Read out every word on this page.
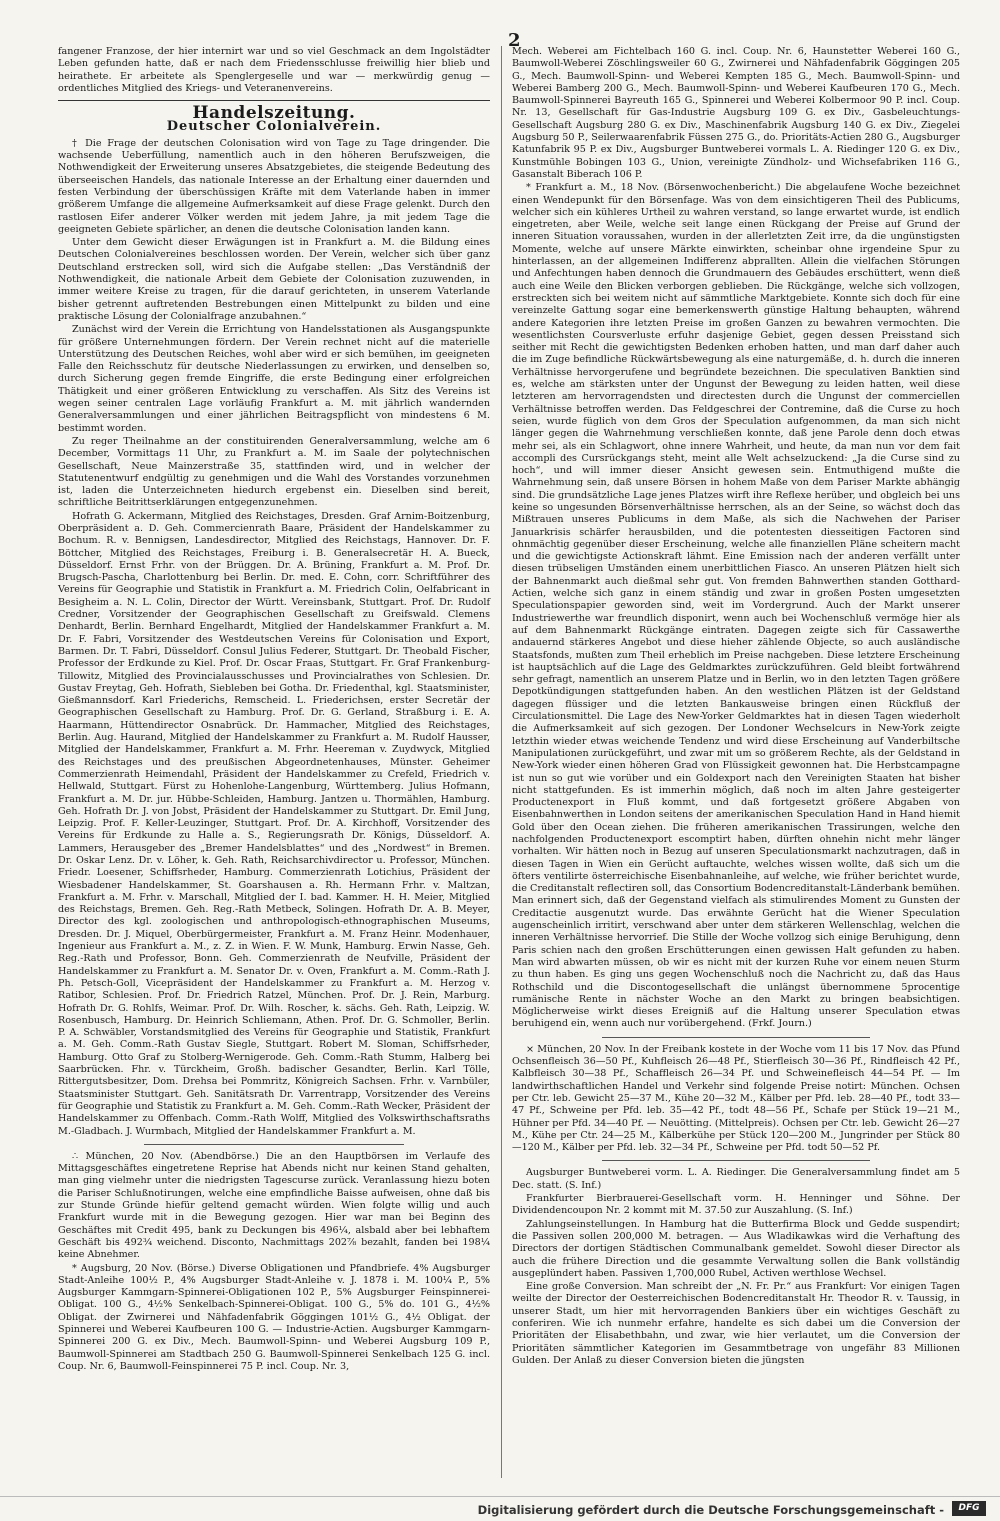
2

fangener Franzose, der hier internirt war und so viel Geschmack an dem Ingolstädter Leben gefunden hatte, daß er nach dem Friedensschlusse freiwillig hier blieb und heirathete. Er arbeitete als Spenglergeselle und war — merkwürdig genug — ordentliches Mitglied des Kriegs- und Veteranenvereins.

Handelszeitung.
Deutscher Colonialverein.

† Die Frage der deutschen Colonisation wird von Tage zu Tage dringender. Die wachsende Ueberfüllung, namentlich auch in den höheren Berufszweigen, die Nothwendigkeit der Erweiterung unseres Absatzgebietes, die steigende Bedeutung des überseeischen Handels, das nationale Interesse an der Erhaltung einer dauernden und festen Verbindung der überschüssigen Kräfte mit dem Vaterlande haben in immer größerem Umfange die allgemeine Aufmerksamkeit auf diese Frage gelenkt. Durch den rastlosen Eifer anderer Völker werden mit jedem Jahre, ja mit jedem Tage die geeigneten Gebiete spärlicher, an denen die deutsche Colonisation landen kann.

Unter dem Gewicht dieser Erwägungen ist in Frankfurt a. M. die Bildung eines Deutschen Colonialvereines beschlossen worden. Der Verein, welcher sich über ganz Deutschland erstrecken soll, wird sich die Aufgabe stellen: „Das Verständniß der Nothwendigkeit, die nationale Arbeit dem Gebiete der Colonisation zuzuwenden, in immer weitere Kreise zu tragen, für die darauf gerichteten, in unserem Vaterlande bisher getrennt auftretenden Bestrebungen einen Mittelpunkt zu bilden und eine praktische Lösung der Colonialfrage anzubahnen.“

Zunächst wird der Verein die Errichtung von Handelsstationen als Ausgangspunkte für größere Unternehmungen fördern. Der Verein rechnet nicht auf die materielle Unterstützung des Deutschen Reiches, wohl aber wird er sich bemühen, im geeigneten Falle den Reichsschutz für deutsche Niederlassungen zu erwirken, und denselben so, durch Sicherung gegen fremde Eingriffe, die erste Bedingung einer erfolgreichen Thätigkeit und einer größeren Entwicklung zu verschaffen. Als Sitz des Vereins ist wegen seiner centralen Lage vorläufig Frankfurt a. M. mit jährlich wandernden Generalversammlungen und einer jährlichen Beitragspflicht von mindestens 6 M. bestimmt worden.

Zu reger Theilnahme an der constituirenden Generalversammlung, welche am 6 December, Vormittags 11 Uhr, zu Frankfurt a. M. im Saale der polytechnischen Gesellschaft, Neue Mainzerstraße 35, stattfinden wird, und in welcher der Statutenentwurf endgültig zu genehmigen und die Wahl des Vorstandes vorzunehmen ist, laden die Unterzeichneten hiedurch ergebenst ein. Dieselben sind bereit, schriftliche Beitrittserklärungen entgegenzunehmen.

Hofrath G. Ackermann, Mitglied des Reichstages, Dresden. Graf Arnim-Boitzenburg, Oberpräsident a. D. Geh. Commercienrath Baare, Präsident der Handelskammer zu Bochum. R. v. Bennigsen, Landesdirector, Mitglied des Reichstags, Hannover. Dr. F. Böttcher, Mitglied des Reichstages, Freiburg i. B. Generalsecretär H. A. Bueck, Düsseldorf. Ernst Frhr. von der Brüggen. Dr. A. Brüning, Frankfurt a. M. Prof. Dr. Brugsch-Pascha, Charlottenburg bei Berlin. Dr. med. E. Cohn, corr. Schriftführer des Vereins für Geographie und Statistik in Frankfurt a. M. Friedrich Colin, Oelfabricant in Besigheim a. N. L. Colin, Director der Württ. Vereinsbank, Stuttgart. Prof. Dr. Rudolf Credner, Vorsitzender der Geographischen Gesellschaft zu Greifswald. Clemens Denhardt, Berlin. Bernhard Engelhardt, Mitglied der Handelskammer Frankfurt a. M. Dr. F. Fabri, Vorsitzender des Westdeutschen Vereins für Colonisation und Export, Barmen. Dr. T. Fabri, Düsseldorf. Consul Julius Federer, Stuttgart. Dr. Theobald Fischer, Professor der Erdkunde zu Kiel. Prof. Dr. Oscar Fraas, Stuttgart. Fr. Graf Frankenburg-Tillowitz, Mitglied des Provincialausschusses und Provincialrathes von Schlesien. Dr. Gustav Freytag, Geh. Hofrath, Siebleben bei Gotha. Dr. Friedenthal, kgl. Staatsminister, Gießmannsdorf. Karl Friederichs, Remscheid. L. Friederichsen, erster Secretär der Geographischen Gesellschaft zu Hamburg. Prof. Dr. G. Gerland, Straßburg i. E. A. Haarmann, Hüttendirector Osnabrück. Dr. Hammacher, Mitglied des Reichstages, Berlin. Aug. Haurand, Mitglied der Handelskammer zu Frankfurt a. M. Rudolf Hausser, Mitglied der Handelskammer, Frankfurt a. M. Frhr. Heereman v. Zuydwyck, Mitglied des Reichstages und des preußischen Abgeordnetenhauses, Münster. Geheimer Commerzienrath Heimendahl, Präsident der Handelskammer zu Crefeld, Friedrich v. Hellwald, Stuttgart. Fürst zu Hohenlohe-Langenburg, Württemberg. Julius Hofmann, Frankfurt a. M. Dr. jur. Hübbe-Schleiden, Hamburg. Jantzen u. Thormählen, Hamburg. Geh. Hofrath Dr. J. von Jobst, Präsident der Handelskammer zu Stuttgart. Dr. Emil Jung, Leipzig. Prof. F. Keller-Leuzinger, Stuttgart. Prof. Dr. A. Kirchhoff, Vorsitzender des Vereins für Erdkunde zu Halle a. S., Regierungsrath Dr. Königs, Düsseldorf. A. Lammers, Herausgeber des „Bremer Handelsblattes“ und des „Nordwest“ in Bremen. Dr. Oskar Lenz. Dr. v. Löher, k. Geh. Rath, Reichsarchivdirector u. Professor, München. Friedr. Loesener, Schiffsrheder, Hamburg. Commerzienrath Lotichius, Präsident der Wiesbadener Handelskammer, St. Goarshausen a. Rh. Hermann Frhr. v. Maltzan, Frankfurt a. M. Frhr. v. Marschall, Mitglied der I. bad. Kammer. H. H. Meier, Mitglied des Reichstags, Bremen. Geh. Reg.-Rath Metbeck, Solingen. Hofrath Dr. A. B. Meyer, Director des kgl. zoologischen und anthropologisch-ethnographischen Museums, Dresden. Dr. J. Miquel, Oberbürgermeister, Frankfurt a. M. Franz Heinr. Modenhauer, Ingenieur aus Frankfurt a. M., z. Z. in Wien. F. W. Munk, Hamburg. Erwin Nasse, Geh. Reg.-Rath und Professor, Bonn. Geh. Commerzienrath de Neufville, Präsident der Handelskammer zu Frankfurt a. M. Senator Dr. v. Oven, Frankfurt a. M. Comm.-Rath J. Ph. Petsch-Goll, Vicepräsident der Handelskammer zu Frankfurt a. M. Herzog v. Ratibor, Schlesien. Prof. Dr. Friedrich Ratzel, München. Prof. Dr. J. Rein, Marburg. Hofrath Dr. G. Rohlfs, Weimar. Prof. Dr. Wilh. Roscher, k. sächs. Geh. Rath, Leipzig. W. Rosenbusch, Hamburg. Dr. Heinrich Schliemann, Athen. Prof. Dr. G. Schmoller, Berlin. P. A. Schwäbler, Vorstandsmitglied des Vereins für Geographie und Statistik, Frankfurt a. M. Geh. Comm.-Rath Gustav Siegle, Stuttgart. Robert M. Sloman, Schiffsrheder, Hamburg. Otto Graf zu Stolberg-Wernigerode. Geh. Comm.-Rath Stumm, Halberg bei Saarbrücken. Fhr. v. Türckheim, Großh. badischer Gesandter, Berlin. Karl Tölle, Rittergutsbesitzer, Dom. Drehsa bei Pommritz, Königreich Sachsen. Frhr. v. Varnbüler, Staatsminister Stuttgart. Geh. Sanitätsrath Dr. Varrentrapp, Vorsitzender des Vereins für Geographie und Statistik zu Frankfurt a. M. Geh. Comm.-Rath Wecker, Präsident der Handelskammer zu Offenbach. Comm.-Rath Wolff, Mitglied des Volkswirthschaftsraths M.-Gladbach. J. Wurmbach, Mitglied der Handelskammer Frankfurt a. M.

∴ München, 20 Nov. (Abendbörse.) Die an den Hauptbörsen im Verlaufe des Mittagsgeschäftes eingetretene Reprise hat Abends nicht nur keinen Stand gehalten, man ging vielmehr unter die niedrigsten Tagescurse zurück. Veranlassung hiezu boten die Pariser Schlußnotirungen, welche eine empfindliche Baisse aufweisen, ohne daß bis zur Stunde Gründe hiefür geltend gemacht würden. Wien folgte willig und auch Frankfurt wurde mit in die Bewegung gezogen. Hier war man bei Beginn des Geschäftes mit Credit 495, bank zu Deckungen bis 496¼, alsbald aber bei lebhaftem Geschäft bis 492¾ weichend. Disconto, Nachmittags 202⅞ bezahlt, fanden bei 198¼ keine Abnehmer.

* Augsburg, 20 Nov. (Börse.) Diverse Obligationen und Pfandbriefe. 4% Augsburger Stadt-Anleihe 100½ P., 4% Augsburger Stadt-Anleihe v. J. 1878 i. M. 100¼ P., 5% Augsburger Kammgarn-Spinnerei-Obligationen 102 P., 5% Augsburger Feinspinnerei-Obligat. 100 G., 4½% Senkelbach-Spinnerei-Obligat. 100 G., 5% do. 101 G., 4½% Obligat. der Zwirnerei und Nähfadenfabrik Göggingen 101½ G., 4½ Obligat. der Spinnerei und Weberei Kaufbeuren 100 G. — Industrie-Actien. Augsburger Kammgarn-Spinnerei 200 G. ex Div., Mech. Baumwoll-Spinn- und Weberei Augsburg 109 P., Baumwoll-Spinnerei am Stadtbach 250 G. Baumwoll-Spinnerei Senkelbach 125 G. incl. Coup. Nr. 6, Baumwoll-Feinspinnerei 75 P. incl. Coup. Nr. 3,

Mech. Weberei am Fichtelbach 160 G. incl. Coup. Nr. 6, Haunstetter Weberei 160 G., Baumwoll-Weberei Zöschlingsweiler 60 G., Zwirnerei und Nähfadenfabrik Göggingen 205 G., Mech. Baumwoll-Spinn- und Weberei Kempten 185 G., Mech. Baumwoll-Spinn- und Weberei Bamberg 200 G., Mech. Baumwoll-Spinn- und Weberei Kaufbeuren 170 G., Mech. Baumwoll-Spinnerei Bayreuth 165 G., Spinnerei und Weberei Kolbermoor 90 P. incl. Coup. Nr. 13, Gesellschaft für Gas-Industrie Augsburg 109 G. ex Div., Gasbeleuchtungs-Gesellschaft Augsburg 280 G. ex Div., Maschinenfabrik Augsburg 140 G. ex Div., Ziegelei Augsburg 50 P., Seilerwaarenfabrik Füssen 275 G., do. Prioritäts-Actien 280 G., Augsburger Katunfabrik 95 P. ex Div., Augsburger Buntweberei vormals L. A. Riedinger 120 G. ex Div., Kunstmühle Bobingen 103 G., Union, vereinigte Zündholz- und Wichsefabriken 116 G., Gasanstalt Biberach 106 P.

* Frankfurt a. M., 18 Nov. (Börsenwochenbericht.) Die abgelaufene Woche bezeichnet einen Wendepunkt für den Börsenfage. Was von dem einsichtigeren Theil des Publicums, welcher sich ein kühleres Urtheil zu wahren verstand, so lange erwartet wurde, ist endlich eingetreten, aber Weile, welche seit lange einen Rückgang der Preise auf Grund der inneren Situation voraussahen, wurden in der allerletzten Zeit irre, da die ungünstigsten Momente, welche auf unsere Märkte einwirkten, scheinbar ohne irgendeine Spur zu hinterlassen, an der allgemeinen Indifferenz abprallten. Allein die vielfachen Störungen und Anfechtungen haben dennoch die Grundmauern des Gebäudes erschüttert, wenn dieß auch eine Weile den Blicken verborgen geblieben. Die Rückgänge, welche sich vollzogen, erstreckten sich bei weitem nicht auf sämmtliche Marktgebiete. Konnte sich doch für eine vereinzelte Gattung sogar eine bemerkenswerth günstige Haltung behaupten, während andere Kategorien ihre letzten Preise im großen Ganzen zu bewahren vermochten. Die wesentlichsten Coursverluste erfuhr dasjenige Gebiet, gegen dessen Preisstand sich seither mit Recht die gewichtigsten Bedenken erhoben hatten, und man darf daher auch die im Zuge befindliche Rückwärtsbewegung als eine naturgemäße, d. h. durch die inneren Verhältnisse hervorgerufene und begründete bezeichnen. Die speculativen Banktien sind es, welche am stärksten unter der Ungunst der Bewegung zu leiden hatten, weil diese letzteren am hervorragendsten und directesten durch die Ungunst der commerciellen Verhältnisse betroffen werden. Das Feldgeschrei der Contremine, daß die Curse zu hoch seien, wurde füglich von dem Gros der Speculation aufgenommen, da man sich nicht länger gegen die Wahrnehmung verschließen konnte, daß jene Parole denn doch etwas mehr sei, als ein Schlagwort, ohne innere Wahrheit, und heute, da man nun vor dem fait accompli des Cursrückgangs steht, meint alle Welt achselzuckend: „Ja die Curse sind zu hoch“, und will immer dieser Ansicht gewesen sein. Entmuthigend mußte die Wahrnehmung sein, daß unsere Börsen in hohem Maße von dem Pariser Markte abhängig sind. Die grundsätzliche Lage jenes Platzes wirft ihre Reflexe herüber, und obgleich bei uns keine so ungesunden Börsenverhältnisse herrschen, als an der Seine, so wächst doch das Mißtrauen unseres Publicums in dem Maße, als sich die Nachwehen der Pariser Januarkrisis schärfer herausbilden, und die potentesten diesseitigen Factoren sind ohnmächtig gegenüber dieser Erscheinung, welche alle finanziellen Pläne scheitern macht und die gewichtigste Actionskraft lähmt. Eine Emission nach der anderen verfällt unter diesen trübseligen Umständen einem unerbittlichen Fiasco. An unseren Plätzen hielt sich der Bahnenmarkt auch dießmal sehr gut. Von fremden Bahnwerthen standen Gotthard-Actien, welche sich ganz in einem ständig und zwar in großen Posten umgesetzten Speculationspapier geworden sind, weit im Vordergrund. Auch der Markt unserer Industriewerthe war freundlich disponirt, wenn auch bei Wochenschluß vermöge hier als auf dem Bahnenmarkt Rückgänge eintraten. Dagegen zeigte sich für Cassawerthe andauernd stärkeres Angebot und diese hieher zählende Objecte, so auch ausländische Staatsfonds, mußten zum Theil erheblich im Preise nachgeben. Diese letztere Erscheinung ist hauptsächlich auf die Lage des Geldmarktes zurückzuführen. Geld bleibt fortwährend sehr gefragt, namentlich an unserem Platze und in Berlin, wo in den letzten Tagen größere Depotkündigungen stattgefunden haben. An den westlichen Plätzen ist der Geldstand dagegen flüssiger und die letzten Bankausweise bringen einen Rückfluß der Circulationsmittel. Die Lage des New-Yorker Geldmarktes hat in diesen Tagen wiederholt die Aufmerksamkeit auf sich gezogen. Der Londoner Wechselcurs in New-York zeigte letzthin wieder etwas weichende Tendenz und wird diese Erscheinung auf Vanderbiltsche Manipulationen zurückgeführt, und zwar mit um so größerem Rechte, als der Geldstand in New-York wieder einen höheren Grad von Flüssigkeit gewonnen hat. Die Herbstcampagne ist nun so gut wie vorüber und ein Goldexport nach den Vereinigten Staaten hat bisher nicht stattgefunden. Es ist immerhin möglich, daß noch im alten Jahre gesteigerter Productenexport in Fluß kommt, und daß fortgesetzt größere Abgaben von Eisenbahnwerthen in London seitens der amerikanischen Speculation Hand in Hand hiemit Gold über den Ocean ziehen. Die früheren amerikanischen Trassirungen, welche den nachfolgenden Productenexport escomptirt haben, dürften ohnehin nicht mehr länger vorhalten. Wir hätten noch in Bezug auf unseren Speculationsmarkt nachzutragen, daß in diesen Tagen in Wien ein Gerücht auftauchte, welches wissen wollte, daß sich um die öfters ventilirte österreichische Eisenbahnanleihe, auf welche, wie früher berichtet wurde, die Creditanstalt reflectiren soll, das Consortium Bodencreditanstalt-Länderbank bemühen. Man erinnert sich, daß der Gegenstand vielfach als stimulirendes Moment zu Gunsten der Creditactie ausgenutzt wurde. Das erwähnte Gerücht hat die Wiener Speculation augenscheinlich irritirt, verschwand aber unter dem stärkeren Wellenschlag, welchen die inneren Verhältnisse hervorrief. Die Stille der Woche vollzog sich einige Beruhigung, denn Paris schien nach den großen Erschütterungen einen gewissen Halt gefunden zu haben. Man wird abwarten müssen, ob wir es nicht mit der kurzen Ruhe vor einem neuen Sturm zu thun haben. Es ging uns gegen Wochenschluß noch die Nachricht zu, daß das Haus Rothschild und die Discontogesellschaft die unlängst übernommene 5procentige rumänische Rente in nächster Woche an den Markt zu bringen beabsichtigen. Möglicherweise wirkt dieses Ereigniß auf die Haltung unserer Speculation etwas beruhigend ein, wenn auch nur vorübergehend. (Frkf. Journ.)

× München, 20 Nov. In der Freibank kostete in der Woche vom 11 bis 17 Nov. das Pfund Ochsenfleisch 36—50 Pf., Kuhfleisch 26—48 Pf., Stierfleisch 30—36 Pf., Rindfleisch 42 Pf., Kalbfleisch 30—38 Pf., Schaffleisch 26—34 Pf. und Schweinefleisch 44—54 Pf. — Im landwirthschaftlichen Handel und Verkehr sind folgende Preise notirt: München. Ochsen per Ctr. leb. Gewicht 25—37 M., Kühe 20—32 M., Kälber per Pfd. leb. 28—40 Pf., todt 33—47 Pf., Schweine per Pfd. leb. 35—42 Pf., todt 48—56 Pf., Schafe per Stück 19—21 M., Hühner per Pfd. 34—40 Pf. — Neuötting. (Mittelpreis). Ochsen per Ctr. leb. Gewicht 26—27 M., Kühe per Ctr. 24—25 M., Kälberkühe per Stück 120—200 M., Jungrinder per Stück 80—120 M., Kälber per Pfd. leb. 32—34 Pf., Schweine per Pfd. todt 50—52 Pf.

Augsburger Buntweberei vorm. L. A. Riedinger. Die Generalversammlung findet am 5 Dec. statt. (S. Inf.)

Frankfurter Bierbrauerei-Gesellschaft vorm. H. Henninger und Söhne. Der Dividendencoupon Nr. 2 kommt mit M. 37.50 zur Auszahlung. (S. Inf.)

Zahlungseinstellungen. In Hamburg hat die Butterfirma Block und Gedde suspendirt; die Passiven sollen 200,000 M. betragen. — Aus Wladikawkas wird die Verhaftung des Directors der dortigen Städtischen Communalbank gemeldet. Sowohl dieser Director als auch die frühere Direction und die gesammte Verwaltung sollen die Bank vollständig ausgeplündert haben. Passiven 1,700,000 Rubel, Activen werthlose Wechsel.

Eine große Conversion. Man schreibt der „N. Fr. Pr.“ aus Frankfurt: Vor einigen Tagen weilte der Director der Oesterreichischen Bodencreditanstalt Hr. Theodor R. v. Taussig, in unserer Stadt, um hier mit hervorragenden Bankiers über ein wichtiges Geschäft zu conferiren. Wie ich nunmehr erfahre, handelte es sich dabei um die Conversion der Prioritäten der Elisabethbahn, und zwar, wie hier verlautet, um die Conversion der Prioritäten sämmtlicher Kategorien im Gesammtbetrage von ungefähr 83 Millionen Gulden. Der Anlaß zu dieser Conversion bieten die jüngsten

Digitalisierung gefördert durch die Deutsche Forschungsgemeinschaft -	DFG
